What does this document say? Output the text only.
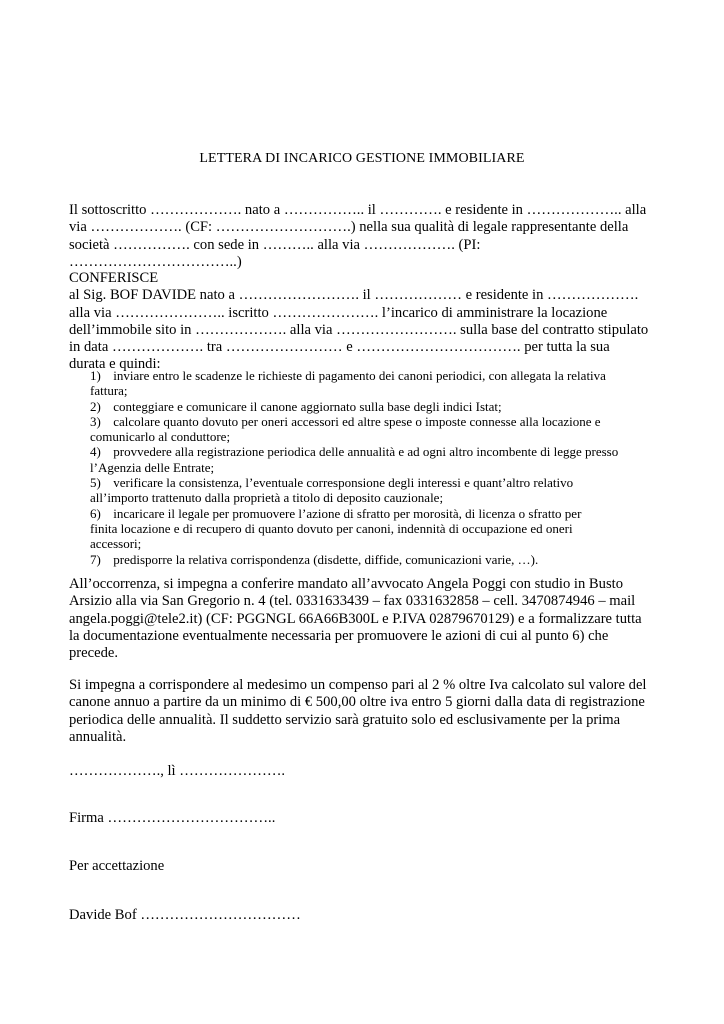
LETTERA DI INCARICO GESTIONE IMMOBILIARE
Il sottoscritto ………………. nato a …………….. il …………. e residente in ……………….. alla
via ………………. (CF: ……………………….) nella sua qualità di legale rappresentante della
società ……………. con sede in ……….. alla via ………………. (PI:
……………………………..)
CONFERISCE
al Sig. BOF DAVIDE nato a ……………………. il ……………… e residente in ……………….
alla via ………………….. iscritto …………………. l’incarico di amministrare la locazione
dell’immobile sito in ………………. alla via ……………………. sulla base del contratto stipulato
in data ………………. tra …………………… e ……………………………. per tutta la sua
durata e quindi:
1) inviare entro le scadenze le richieste di pagamento dei canoni periodici, con allegata la relativa
fattura;
2) conteggiare e comunicare il canone aggiornato sulla base degli indici Istat;
3) calcolare quanto dovuto per oneri accessori ed altre spese o imposte connesse alla locazione e
comunicarlo al conduttore;
4) provvedere alla registrazione periodica delle annualità e ad ogni altro incombente di legge presso
l’Agenzia delle Entrate;
5) verificare la consistenza, l’eventuale corresponsione degli interessi e quant’altro relativo
all’importo trattenuto dalla proprietà a titolo di deposito cauzionale;
6) incaricare il legale per promuovere l’azione di sfratto per morosità, di licenza o sfratto per
finita locazione e di recupero di quanto dovuto per canoni, indennità di occupazione ed oneri
accessori;
7) predisporre la relativa corrispondenza (disdette, diffide, comunicazioni varie, …).
All’occorrenza, si impegna a conferire mandato all’avvocato Angela Poggi con studio in Busto
Arsizio alla via San Gregorio n. 4 (tel. 0331633439 – fax 0331632858 – cell. 3470874946 – mail
angela.poggi@tele2.it) (CF: PGGNGL 66A66B300L e P.IVA 02879670129) e a formalizzare tutta
la documentazione eventualmente necessaria per promuovere le azioni di cui al punto 6) che
precede.
Si impegna a corrispondere al medesimo un compenso pari al 2 % oltre Iva calcolato sul valore del
canone annuo a partire da un minimo di € 500,00 oltre iva entro 5 giorni dalla data di registrazione
periodica delle annualità. Il suddetto servizio sarà gratuito solo ed esclusivamente per la prima
annualità.
………………., lì ………………….
Firma ……………………………..
Per accettazione
Davide Bof ……………………………
